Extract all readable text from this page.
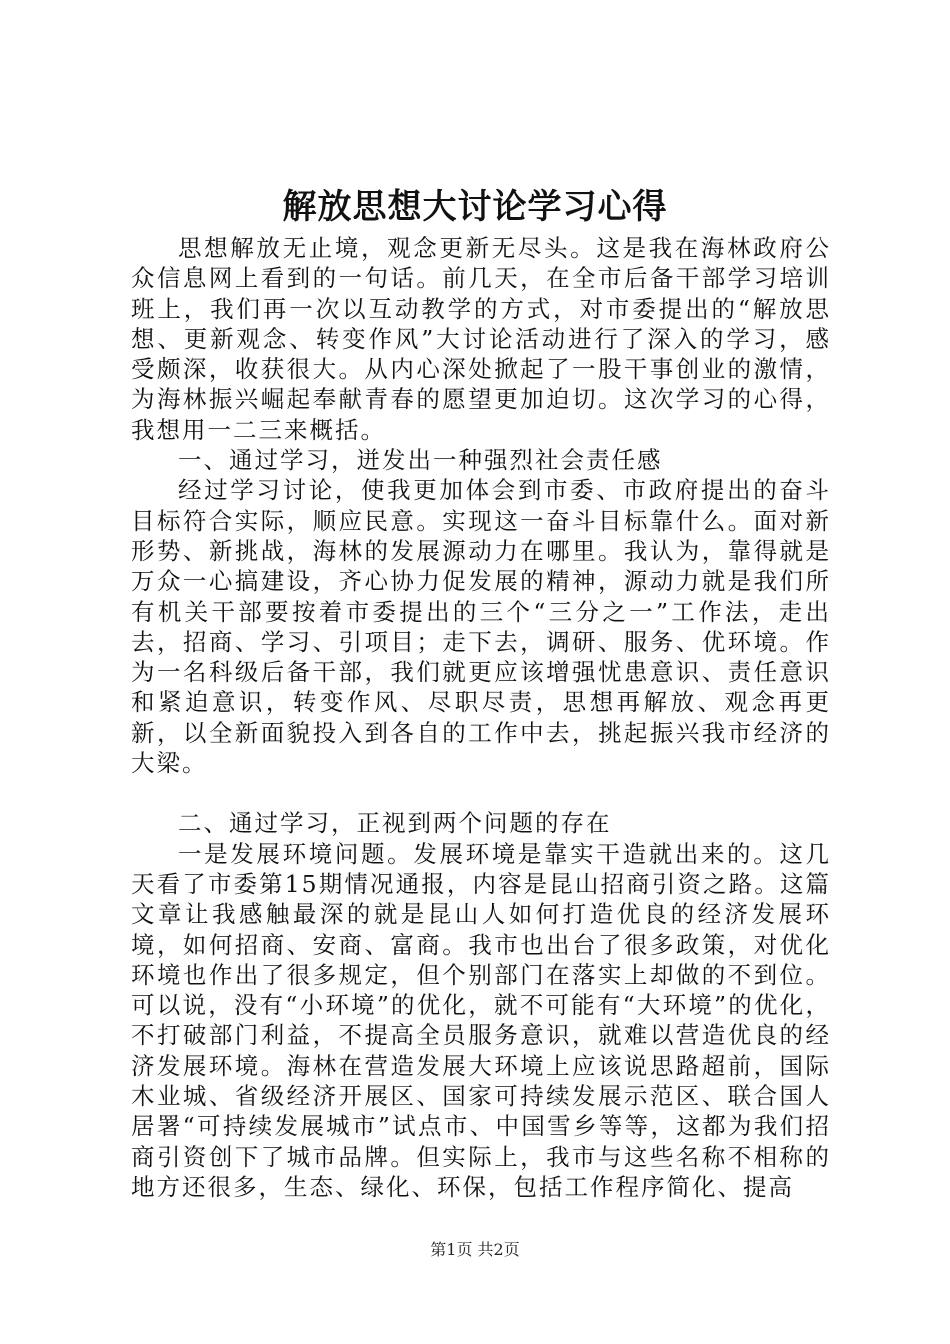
解放思想大讨论学习心得

思想解放无止境，观念更新无尽头。这是我在海林政府公众信息网上看到的一句话。前几天，在全市后备干部学习培训班上，我们再一次以互动教学的方式，对市委提出的“解放思想、更新观念、转变作风”大讨论活动进行了深入的学习，感受颇深，收获很大。从内心深处掀起了一股干事创业的激情，为海林振兴崛起奉献青春的愿望更加迫切。这次学习的心得，我想用一二三来概括。

一、通过学习，迸发出一种强烈社会责任感

经过学习讨论，使我更加体会到市委、市政府提出的奋斗目标符合实际，顺应民意。实现这一奋斗目标靠什么。面对新形势、新挑战，海林的发展源动力在哪里。我认为，靠得就是万众一心搞建设，齐心协力促发展的精神，源动力就是我们所有机关干部要按着市委提出的三个“三分之一”工作法，走出去，招商、学习、引项目；走下去，调研、服务、优环境。作为一名科级后备干部，我们就更应该增强忧患意识、责任意识和紧迫意识，转变作风、尽职尽责，思想再解放、观念再更新，以全新面貌投入到各自的工作中去，挑起振兴我市经济的大梁。

二、通过学习，正视到两个问题的存在

一是发展环境问题。发展环境是靠实干造就出来的。这几天看了市委第15期情况通报，内容是昆山招商引资之路。这篇文章让我感触最深的就是昆山人如何打造优良的经济发展环境，如何招商、安商、富商。我市也出台了很多政策，对优化环境也作出了很多规定，但个别部门在落实上却做的不到位。可以说，没有“小环境”的优化，就不可能有“大环境”的优化，不打破部门利益，不提高全员服务意识，就难以营造优良的经济发展环境。海林在营造发展大环境上应该说思路超前，国际木业城、省级经济开展区、国家可持续发展示范区、联合国人居署“可持续发展城市”试点市、中国雪乡等等，这都为我们招商引资创下了城市品牌。但实际上，我市与这些名称不相称的地方还很多，生态、绿化、环保，包括工作程序简化、提高

第1页 共2页
